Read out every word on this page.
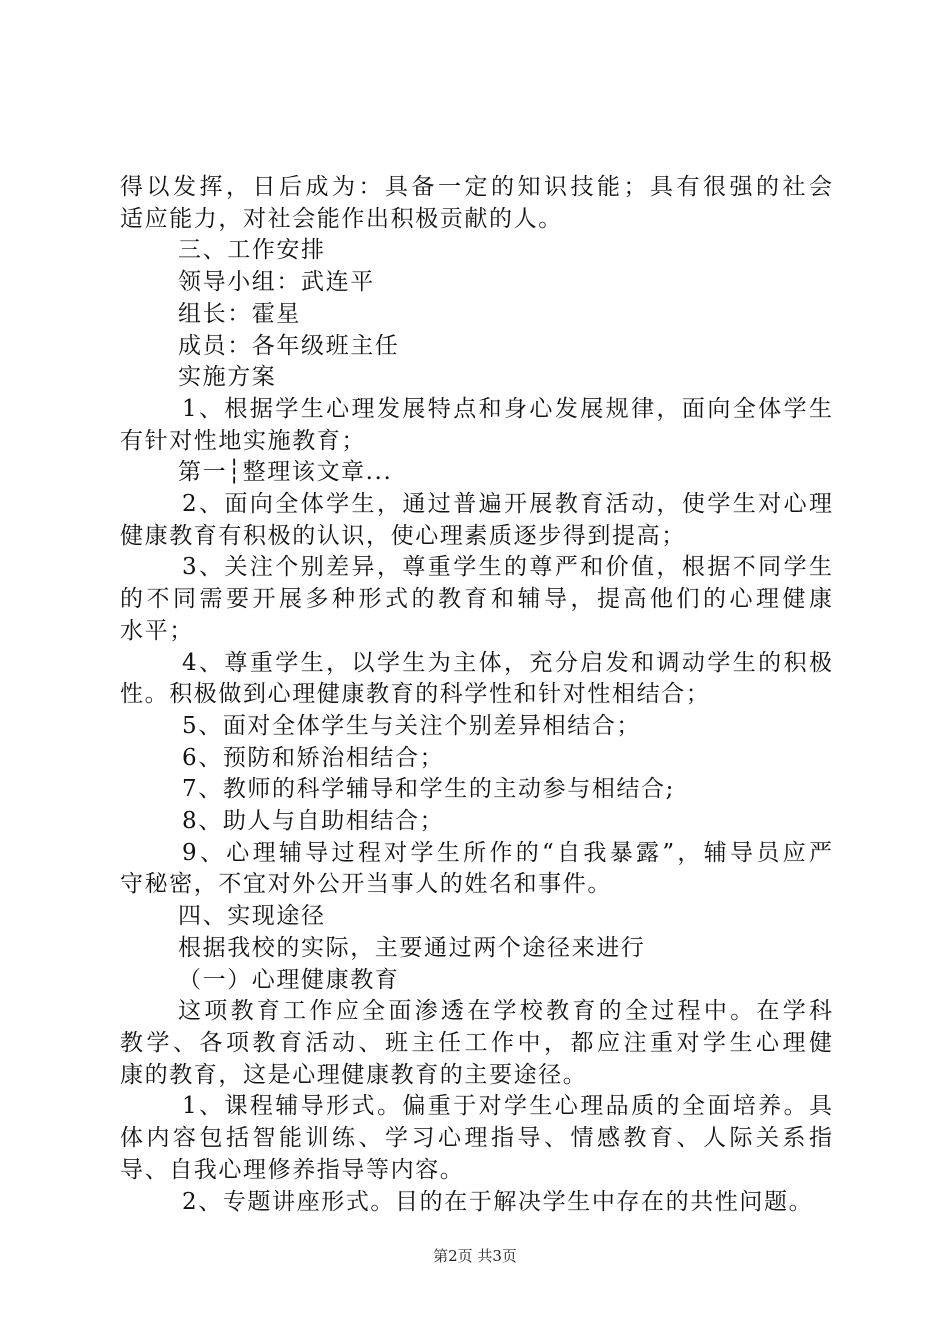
得以发挥，日后成为：具备一定的知识技能；具有很强的社会
适应能力，对社会能作出积极贡献的人。
三、工作安排
领导小组：武连平
组长：霍星
成员：各年级班主任
实施方案
1、根据学生心理发展特点和身心发展规律，面向全体学生
有针对性地实施教育；
第一┆整理该文章...
2、面向全体学生，通过普遍开展教育活动，使学生对心理
健康教育有积极的认识，使心理素质逐步得到提高；
3、关注个别差异，尊重学生的尊严和价值，根据不同学生
的不同需要开展多种形式的教育和辅导，提高他们的心理健康
水平；
4、尊重学生，以学生为主体，充分启发和调动学生的积极
性。积极做到心理健康教育的科学性和针对性相结合；
5、面对全体学生与关注个别差异相结合；
6、预防和矫治相结合；
7、教师的科学辅导和学生的主动参与相结合;
8、助人与自助相结合；
9、心理辅导过程对学生所作的“自我暴露”，辅导员应严
守秘密，不宜对外公开当事人的姓名和事件。
四、实现途径
根据我校的实际，主要通过两个途径来进行
（一）心理健康教育
这项教育工作应全面渗透在学校教育的全过程中。在学科
教学、各项教育活动、班主任工作中，都应注重对学生心理健
康的教育，这是心理健康教育的主要途径。
1、课程辅导形式。偏重于对学生心理品质的全面培养。具
体内容包括智能训练、学习心理指导、情感教育、人际关系指
导、自我心理修养指导等内容。
2、专题讲座形式。目的在于解决学生中存在的共性问题。
第2页 共3页
